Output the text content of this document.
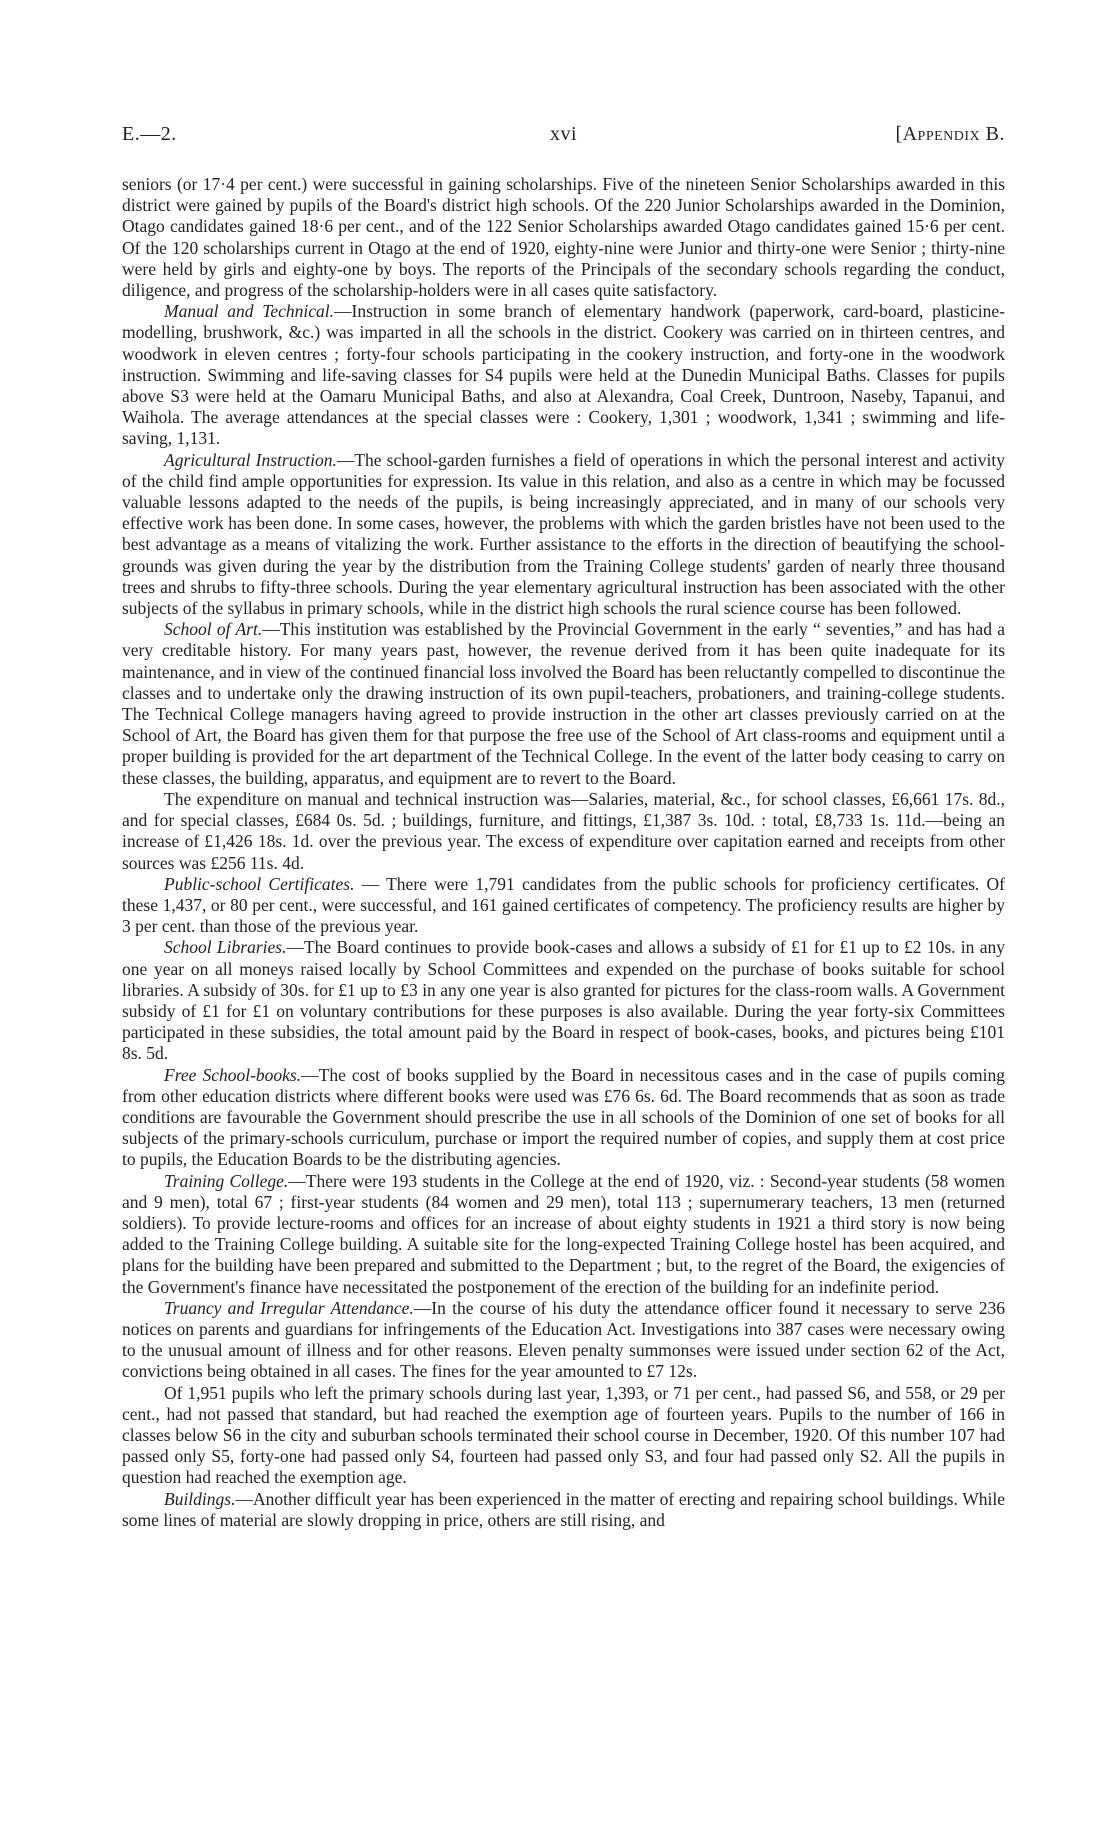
E.—2.	xvi	[Appendix B.

seniors (or 17·4 per cent.) were successful in gaining scholarships. Five of the nineteen Senior Scholarships awarded in this district were gained by pupils of the Board's district high schools. Of the 220 Junior Scholarships awarded in the Dominion, Otago candidates gained 18·6 per cent., and of the 122 Senior Scholarships awarded Otago candidates gained 15·6 per cent. Of the 120 scholarships current in Otago at the end of 1920, eighty-nine were Junior and thirty-one were Senior ; thirty-nine were held by girls and eighty-one by boys. The reports of the Principals of the secondary schools regarding the conduct, diligence, and progress of the scholarship-holders were in all cases quite satisfactory.

Manual and Technical.—Instruction in some branch of elementary handwork (paperwork, card-board, plasticine-modelling, brushwork, &c.) was imparted in all the schools in the district. Cookery was carried on in thirteen centres, and woodwork in eleven centres ; forty-four schools participating in the cookery instruction, and forty-one in the woodwork instruction. Swimming and life-saving classes for S4 pupils were held at the Dunedin Municipal Baths. Classes for pupils above S3 were held at the Oamaru Municipal Baths, and also at Alexandra, Coal Creek, Duntroon, Naseby, Tapanui, and Waihola. The average attendances at the special classes were : Cookery, 1,301 ; woodwork, 1,341 ; swimming and life-saving, 1,131.

Agricultural Instruction.—The school-garden furnishes a field of operations in which the personal interest and activity of the child find ample opportunities for expression. Its value in this relation, and also as a centre in which may be focussed valuable lessons adapted to the needs of the pupils, is being increasingly appreciated, and in many of our schools very effective work has been done. In some cases, however, the problems with which the garden bristles have not been used to the best advantage as a means of vitalizing the work. Further assistance to the efforts in the direction of beautifying the school-grounds was given during the year by the distribution from the Training College students' garden of nearly three thousand trees and shrubs to fifty-three schools. During the year elementary agricultural instruction has been associated with the other subjects of the syllabus in primary schools, while in the district high schools the rural science course has been followed.

School of Art.—This institution was established by the Provincial Government in the early “ seventies,” and has had a very creditable history. For many years past, however, the revenue derived from it has been quite inadequate for its maintenance, and in view of the continued financial loss involved the Board has been reluctantly compelled to discontinue the classes and to undertake only the drawing instruction of its own pupil-teachers, probationers, and training-college students. The Technical College managers having agreed to provide instruction in the other art classes previously carried on at the School of Art, the Board has given them for that purpose the free use of the School of Art class-rooms and equipment until a proper building is provided for the art department of the Technical College. In the event of the latter body ceasing to carry on these classes, the building, apparatus, and equipment are to revert to the Board.

The expenditure on manual and technical instruction was—Salaries, material, &c., for school classes, £6,661 17s. 8d., and for special classes, £684 0s. 5d. ; buildings, furniture, and fittings, £1,387 3s. 10d. : total, £8,733 1s. 11d.—being an increase of £1,426 18s. 1d. over the previous year. The excess of expenditure over capitation earned and receipts from other sources was £256 11s. 4d.

Public-school Certificates. — There were 1,791 candidates from the public schools for proficiency certificates. Of these 1,437, or 80 per cent., were successful, and 161 gained certificates of competency. The proficiency results are higher by 3 per cent. than those of the previous year.

School Libraries.—The Board continues to provide book-cases and allows a subsidy of £1 for £1 up to £2 10s. in any one year on all moneys raised locally by School Committees and expended on the purchase of books suitable for school libraries. A subsidy of 30s. for £1 up to £3 in any one year is also granted for pictures for the class-room walls. A Government subsidy of £1 for £1 on voluntary contributions for these purposes is also available. During the year forty-six Committees participated in these subsidies, the total amount paid by the Board in respect of book-cases, books, and pictures being £101 8s. 5d.

Free School-books.—The cost of books supplied by the Board in necessitous cases and in the case of pupils coming from other education districts where different books were used was £76 6s. 6d. The Board recommends that as soon as trade conditions are favourable the Government should prescribe the use in all schools of the Dominion of one set of books for all subjects of the primary-schools curriculum, purchase or import the required number of copies, and supply them at cost price to pupils, the Education Boards to be the distributing agencies.

Training College.—There were 193 students in the College at the end of 1920, viz. : Second-year students (58 women and 9 men), total 67 ; first-year students (84 women and 29 men), total 113 ; supernumerary teachers, 13 men (returned soldiers). To provide lecture-rooms and offices for an increase of about eighty students in 1921 a third story is now being added to the Training College building. A suitable site for the long-expected Training College hostel has been acquired, and plans for the building have been prepared and submitted to the Department ; but, to the regret of the Board, the exigencies of the Government's finance have necessitated the postponement of the erection of the building for an indefinite period.

Truancy and Irregular Attendance.—In the course of his duty the attendance officer found it necessary to serve 236 notices on parents and guardians for infringements of the Education Act. Investigations into 387 cases were necessary owing to the unusual amount of illness and for other reasons. Eleven penalty summonses were issued under section 62 of the Act, convictions being obtained in all cases. The fines for the year amounted to £7 12s.

Of 1,951 pupils who left the primary schools during last year, 1,393, or 71 per cent., had passed S6, and 558, or 29 per cent., had not passed that standard, but had reached the exemption age of fourteen years. Pupils to the number of 166 in classes below S6 in the city and suburban schools terminated their school course in December, 1920. Of this number 107 had passed only S5, forty-one had passed only S4, fourteen had passed only S3, and four had passed only S2. All the pupils in question had reached the exemption age.

Buildings.—Another difficult year has been experienced in the matter of erecting and repairing school buildings. While some lines of material are slowly dropping in price, others are still rising, and
